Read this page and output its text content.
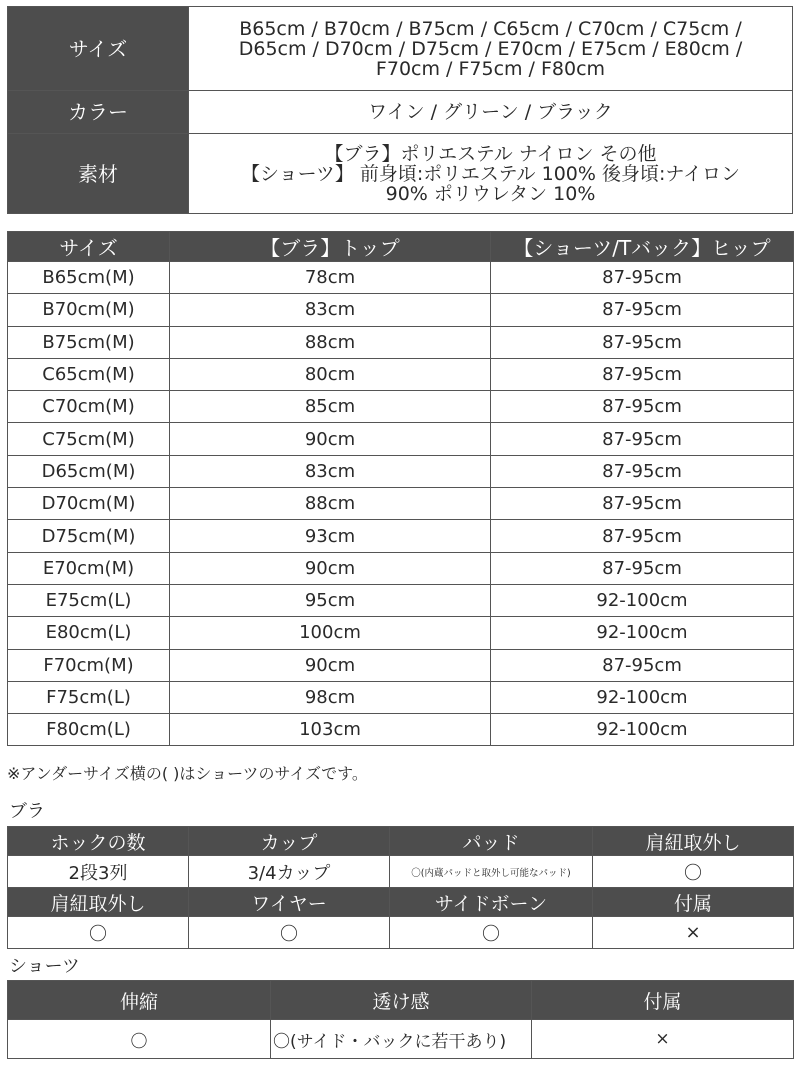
サイズ	B65cm / B70cm / B75cm / C65cm / C70cm / C75cm /
D65cm / D70cm / D75cm / E70cm / E75cm / E80cm /
F70cm / F75cm / F80cm

カラー	ワイン / グリーン / ブラック

素材	【ブラ】ポリエステル ナイロン その他
【ショーツ】 前身頃:ポリエステル 100% 後身頃:ナイロン
90% ポリウレタン 10%
サイズ	【ブラ】トップ	【ショーツ/Tバック】ヒップ
B65cm(M)	78cm	87-95cm
B70cm(M)	83cm	87-95cm
B75cm(M)	88cm	87-95cm
C65cm(M)	80cm	87-95cm
C70cm(M)	85cm	87-95cm
C75cm(M)	90cm	87-95cm
D65cm(M)	83cm	87-95cm
D70cm(M)	88cm	87-95cm
D75cm(M)	93cm	87-95cm
E70cm(M)	90cm	87-95cm
E75cm(L)	95cm	92-100cm
E80cm(L)	100cm	92-100cm
F70cm(M)	90cm	87-95cm
F75cm(L)	98cm	92-100cm
F80cm(L)	103cm	92-100cm
※アンダーサイズ横の( )はショーツのサイズです。
ブラ
ホックの数	カップ	パッド	肩紐取外し
2段3列	3/4カップ	〇(内蔵パッドと取外し可能なパッド)	〇
肩紐取外し	ワイヤー	サイドボーン	付属
〇	〇	〇	×
ショーツ
伸縮	透け感	付属
〇	〇(サイド・バックに若干あり)	×
